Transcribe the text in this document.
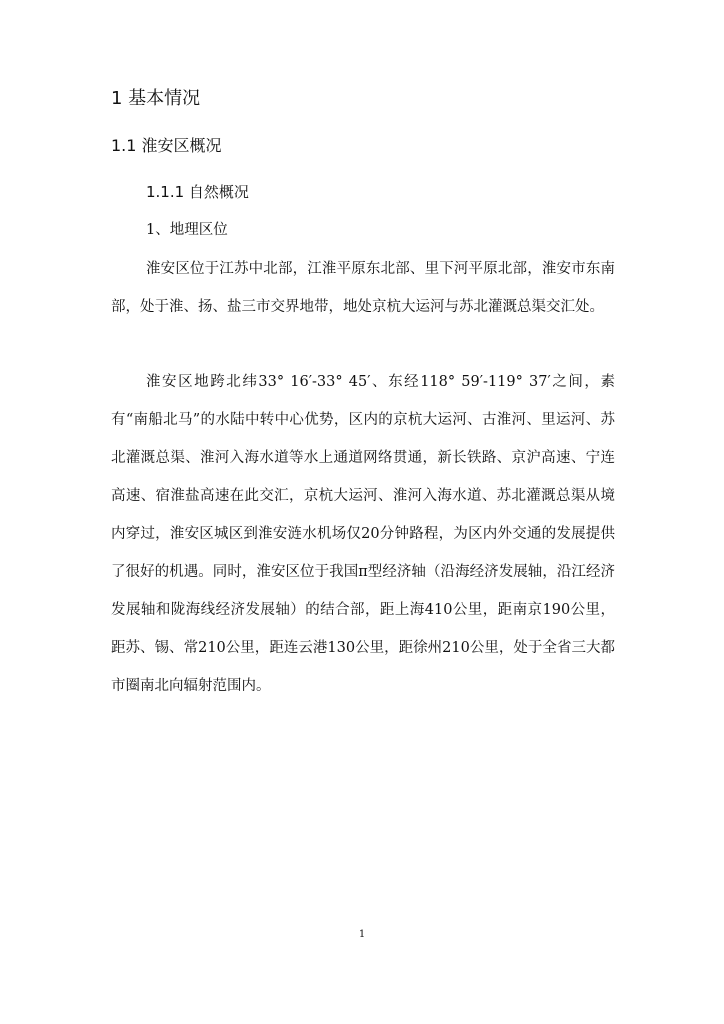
1 基本情况
1.1 淮安区概况
1.1.1 自然概况
1、地理区位

淮安区位于江苏中北部，江淮平原东北部、里下河平原北部，淮安市东南部，处于淮、扬、盐三市交界地带，地处京杭大运河与苏北灌溉总渠交汇处。

淮安区地跨北纬33° 16′-33° 45′、东经118° 59′-119° 37′之间，素有“南船北马”的水陆中转中心优势，区内的京杭大运河、古淮河、里运河、苏北灌溉总渠、淮河入海水道等水上通道网络贯通，新长铁路、京沪高速、宁连高速、宿淮盐高速在此交汇，京杭大运河、淮河入海水道、苏北灌溉总渠从境内穿过，淮安区城区到淮安涟水机场仅20分钟路程，为区内外交通的发展提供了很好的机遇。同时，淮安区位于我国π型经济轴（沿海经济发展轴，沿江经济发展轴和陇海线经济发展轴）的结合部，距上海410公里，距南京190公里，距苏、锡、常210公里，距连云港130公里，距徐州210公里，处于全省三大都市圈南北向辐射范围内。

1
